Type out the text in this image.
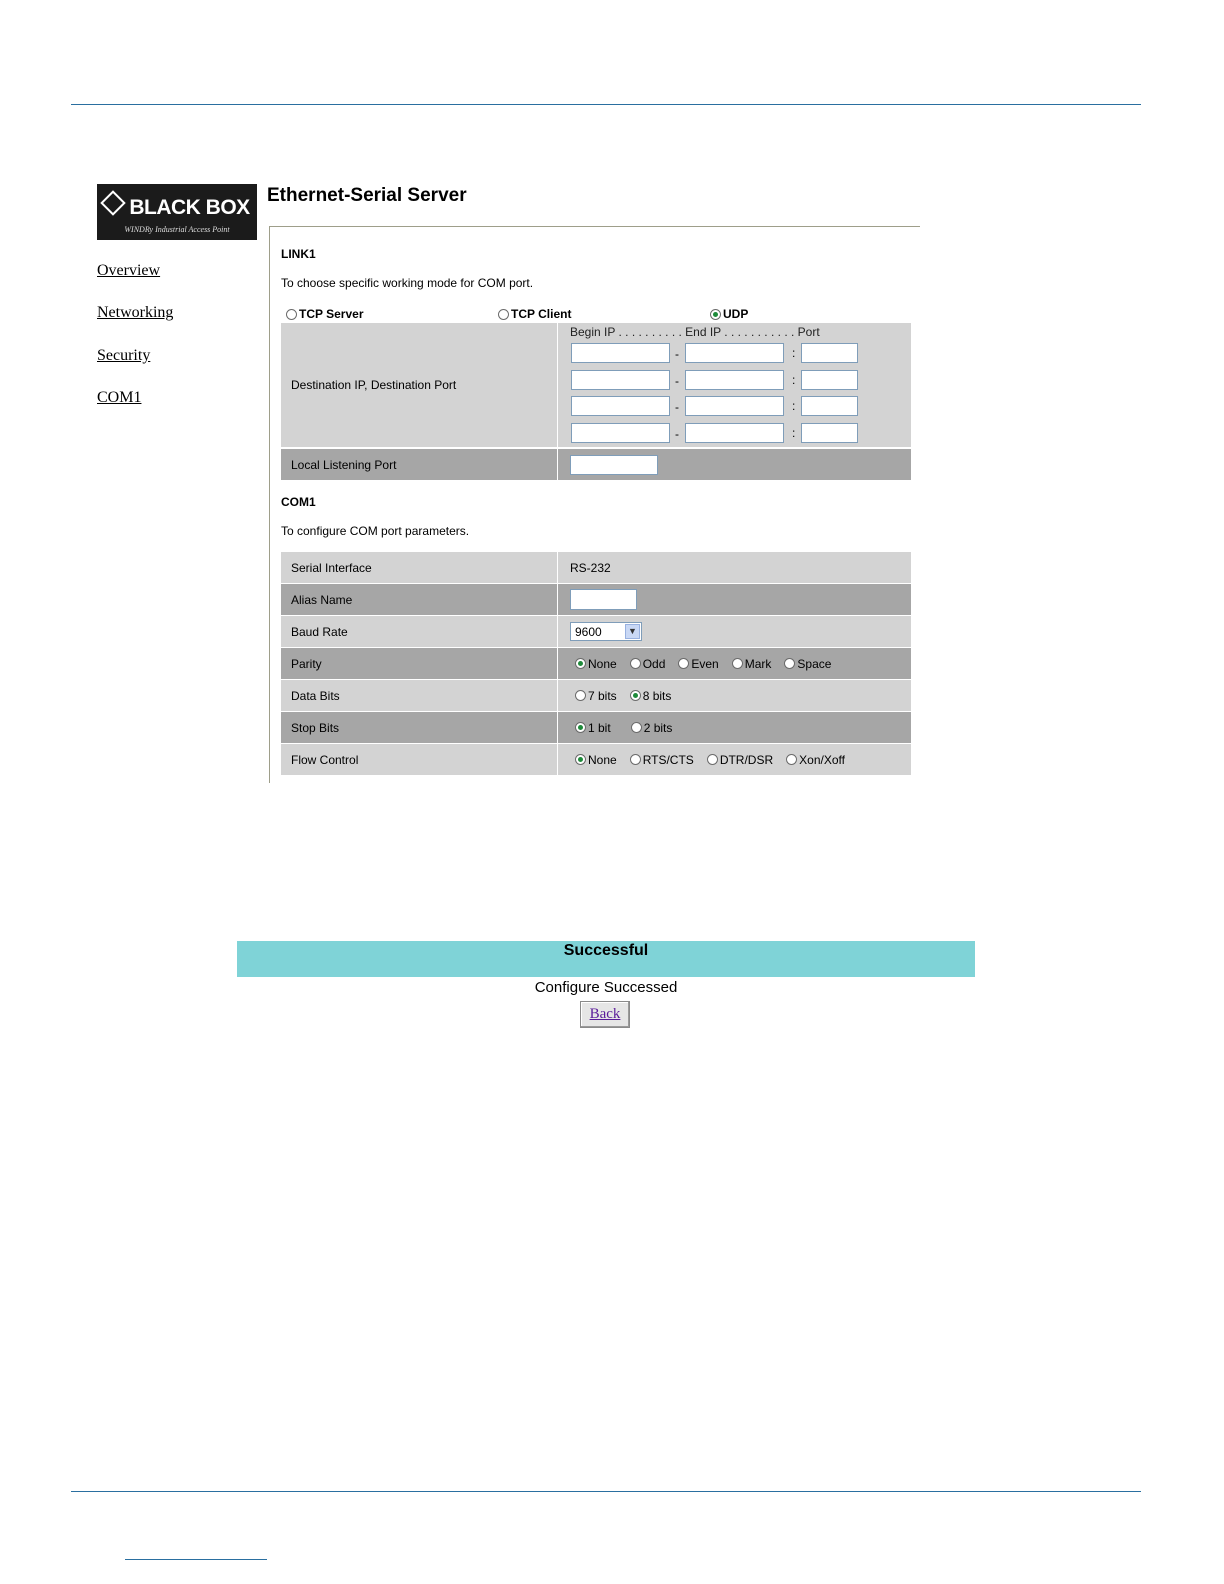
BLACK BOX
WINDRy Industrial Access Point
Overview
Networking
Security
COM1
Ethernet-Serial Server
LINK1
To choose specific working mode for COM port.
TCP Server	TCP Client	UDP
Destination IP, Destination Port
Begin IP . . . . . . . . . . End IP . . . . . . . . . . . Port
-	:
-	:
-	:
-	:
Local Listening Port
COM1
To configure COM port parameters.
Serial Interface	RS-232
Alias Name
Baud Rate	9600	▼
Parity	None Odd Even Mark Space
Data Bits	7 bits 8 bits
Stop Bits	1 bit	2 bits
Flow Control	None RTS/CTS DTR/DSR Xon/Xoff
Successful
Configure Successed
Back
